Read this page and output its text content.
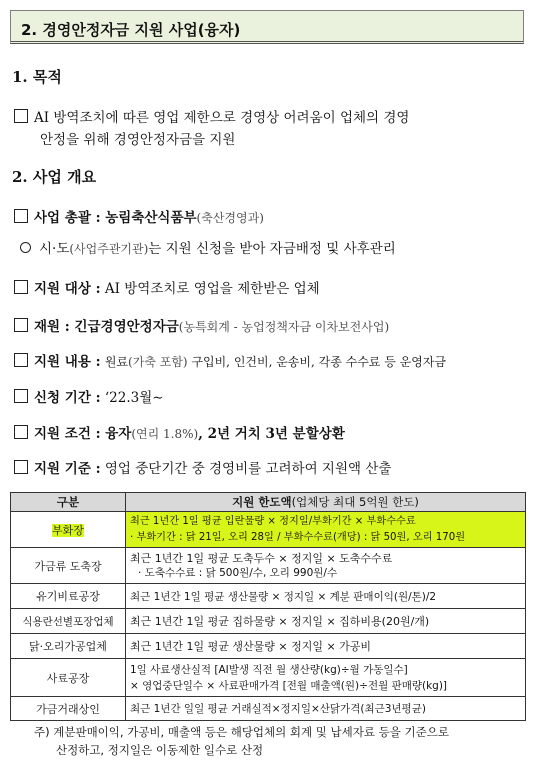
2. 경영안정자금 지원 사업(융자)
1. 목적
AI 방역조치에 따른 영업 제한으로 경영상 어려움이 업체의 경영
안정을 위해 경영안정자금을 지원
2. 사업 개요
사업 총괄 : 농림축산식품부(축산경영과)
시·도(사업주관기관)는 지원 신청을 받아 자금배정 및 사후관리
지원 대상 : AI 방역조치로 영업을 제한받은 업체
재원 : 긴급경영안정자금(농특회계 - 농업정책자금 이차보전사업)
지원 내용 : 원료(가축 포함) 구입비, 인건비, 운송비, 각종 수수료 등 운영자금
신청 기간 : ‘22.3월∼
지원 조건 : 융자(연리 1.8%), 2년 거치 3년 분할상환
지원 기준 : 영업 중단기간 중 경영비를 고려하여 지원액 산출
구분	지원 한도액(업체당 최대 5억원 한도)
부화장	최근 1년간 1일 평균 입란물량 × 정지일/부화기간 × 부화수수료
· 부화기간 : 닭 21일, 오리 28일 / 부화수수료(개당) : 닭 50원, 오리 170원

가금류 도축장	최근 1년간 1일 평균 도축두수 × 정지일 × 도축수수료
· 도축수수료 : 닭 500원/수, 오리 990원/수

유기비료공장	최근 1년간 1일 평균 생산물량 × 정지일 × 계분 판매이익(원/톤)/2
식용란선별포장업체	최근 1년간 1일 평균 집하물량 × 정지일 × 집하비용(20원/개)
닭·오리가공업체	최근 1년간 1일 평균 생산물량 × 정지일 × 가공비
사료공장	1일 사료생산실적 [AI발생 직전 월 생산량(kg)÷월 가동일수]
× 영업중단일수 × 사료판매가격 [전월 매출액(원)÷전월 판매량(kg)]

가금거래상인	최근 1년간 일일 평균 거래실적×정지일×산닭가격(최근3년평균)
주) 계분판매이익, 가공비, 매출액 등은 해당업체의 회계 및 납세자료 등을 기준으로
산정하고, 정지일은 이동제한 일수로 산정
